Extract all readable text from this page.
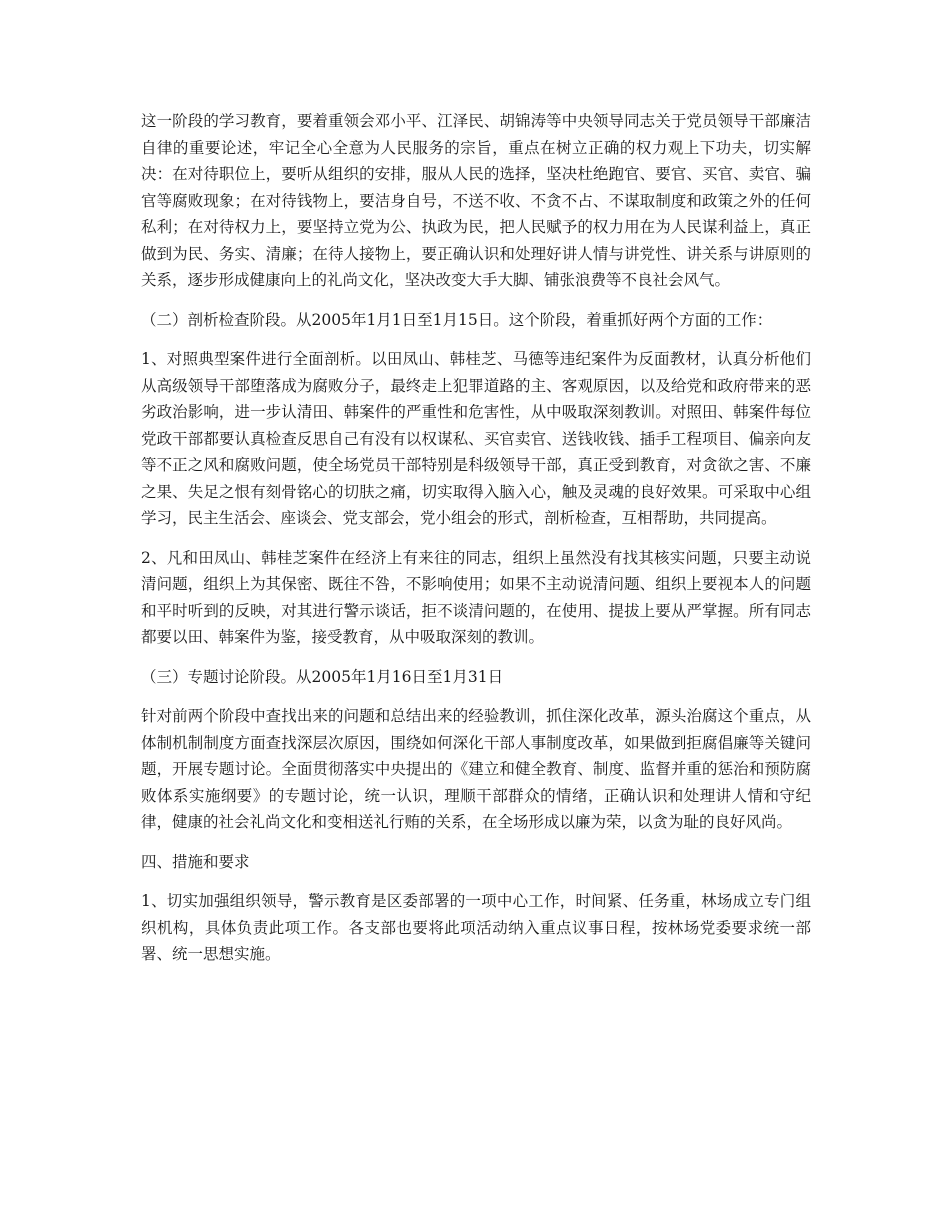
这一阶段的学习教育，要着重领会邓小平、江泽民、胡锦涛等中央领导同志关于党员领导干部廉洁自律的重要论述，牢记全心全意为人民服务的宗旨，重点在树立正确的权力观上下功夫，切实解决：在对待职位上，要听从组织的安排，服从人民的选择，坚决杜绝跑官、要官、买官、卖官、骗官等腐败现象；在对待钱物上，要洁身自号，不送不收、不贪不占、不谋取制度和政策之外的任何私利；在对待权力上，要坚持立党为公、执政为民，把人民赋予的权力用在为人民谋利益上，真正做到为民、务实、清廉；在待人接物上，要正确认识和处理好讲人情与讲党性、讲关系与讲原则的关系，逐步形成健康向上的礼尚文化，坚决改变大手大脚、铺张浪费等不良社会风气。

（二）剖析检查阶段。从2005年1月1日至1月15日。这个阶段，着重抓好两个方面的工作：

1、对照典型案件进行全面剖析。以田凤山、韩桂芝、马德等违纪案件为反面教材，认真分析他们从高级领导干部堕落成为腐败分子，最终走上犯罪道路的主、客观原因，以及给党和政府带来的恶劣政治影响，进一步认清田、韩案件的严重性和危害性，从中吸取深刻教训。对照田、韩案件每位党政干部都要认真检查反思自己有没有以权谋私、买官卖官、送钱收钱、插手工程项目、偏亲向友等不正之风和腐败问题，使全场党员干部特别是科级领导干部，真正受到教育，对贪欲之害、不廉之果、失足之恨有刻骨铭心的切肤之痛，切实取得入脑入心，触及灵魂的良好效果。可采取中心组学习，民主生活会、座谈会、党支部会，党小组会的形式，剖析检查，互相帮助，共同提高。

2、凡和田凤山、韩桂芝案件在经济上有来往的同志，组织上虽然没有找其核实问题，只要主动说清问题，组织上为其保密、既往不咎，不影响使用；如果不主动说清问题、组织上要视本人的问题和平时听到的反映，对其进行警示谈话，拒不谈清问题的，在使用、提拔上要从严掌握。所有同志都要以田、韩案件为鉴，接受教育，从中吸取深刻的教训。

（三）专题讨论阶段。从2005年1月16日至1月31日

针对前两个阶段中查找出来的问题和总结出来的经验教训，抓住深化改革，源头治腐这个重点，从体制机制制度方面查找深层次原因，围绕如何深化干部人事制度改革，如果做到拒腐倡廉等关键问题，开展专题讨论。全面贯彻落实中央提出的《建立和健全教育、制度、监督并重的惩治和预防腐败体系实施纲要》的专题讨论，统一认识，理顺干部群众的情绪，正确认识和处理讲人情和守纪律，健康的社会礼尚文化和变相送礼行贿的关系，在全场形成以廉为荣，以贪为耻的良好风尚。

四、措施和要求

1、切实加强组织领导，警示教育是区委部署的一项中心工作，时间紧、任务重，林场成立专门组织机构，具体负责此项工作。各支部也要将此项活动纳入重点议事日程，按林场党委要求统一部署、统一思想实施。
